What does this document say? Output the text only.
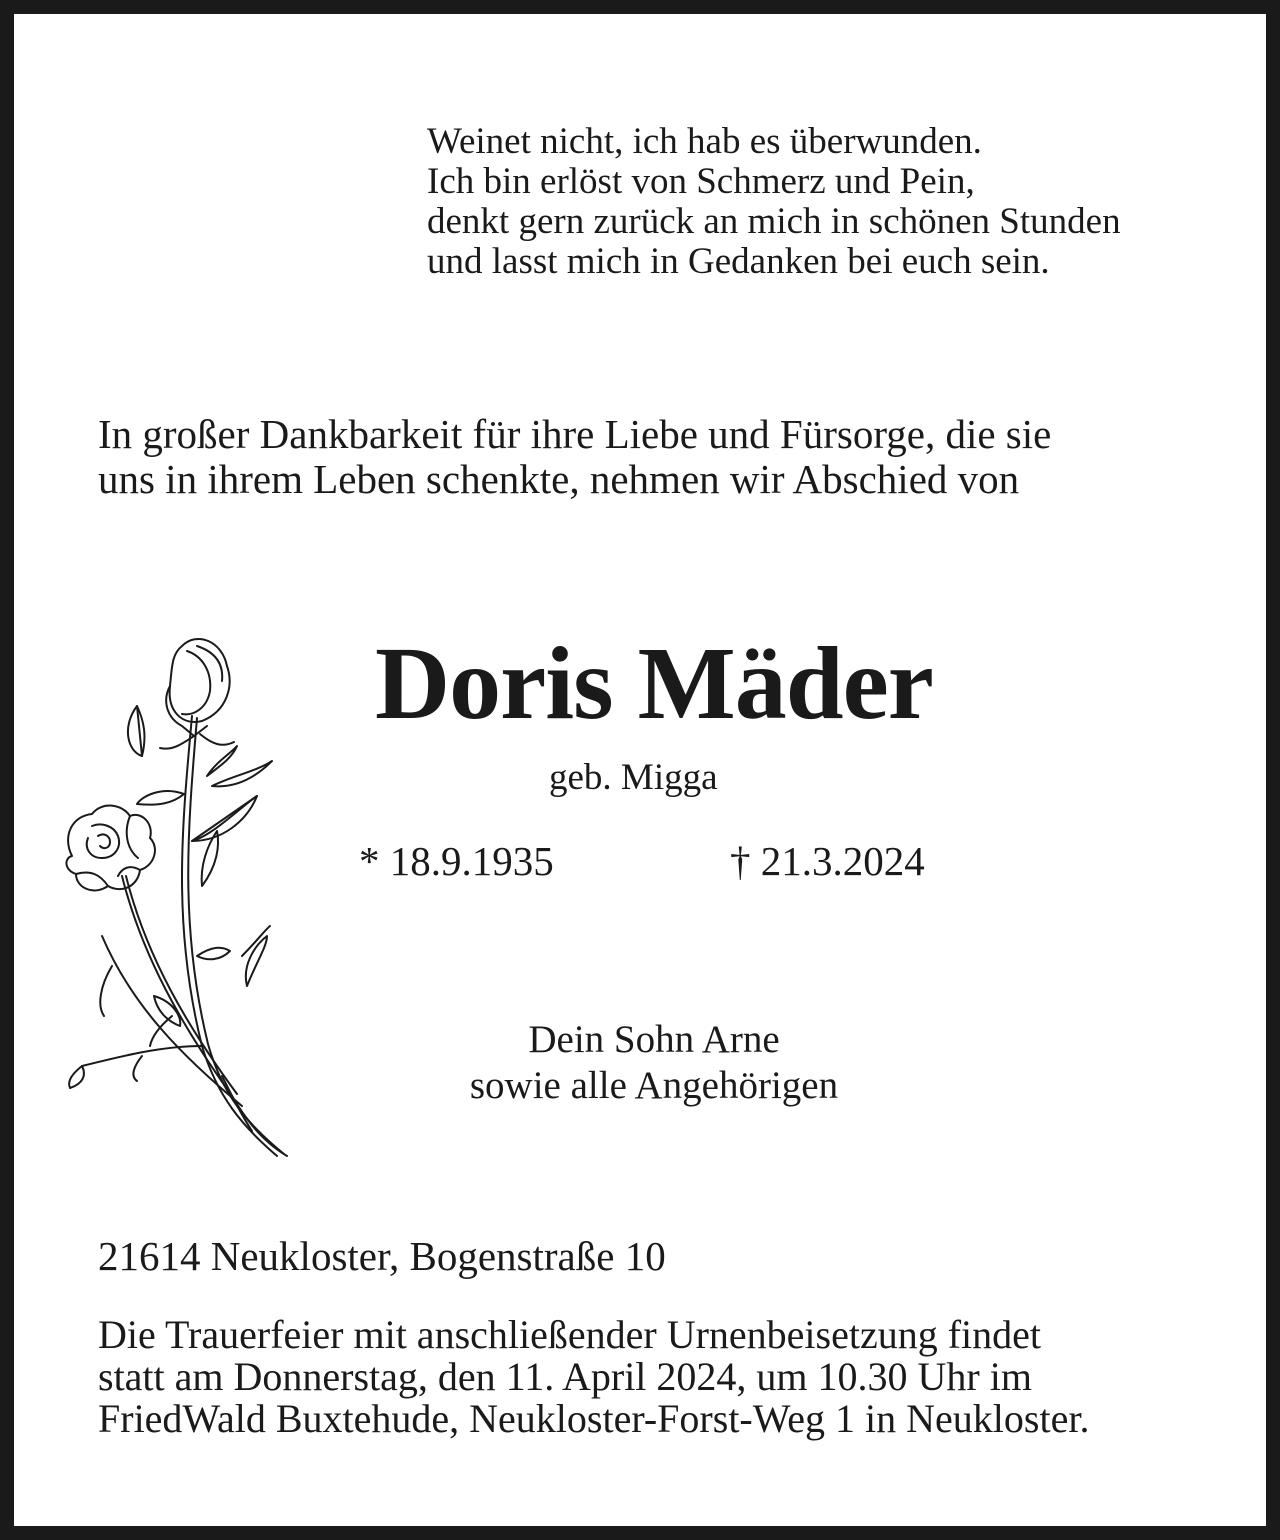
Weinet nicht, ich hab es überwunden.
Ich bin erlöst von Schmerz und Pein,
denkt gern zurück an mich in schönen Stunden
und lasst mich in Gedanken bei euch sein.
In großer Dankbarkeit für ihre Liebe und Fürsorge, die sie
uns in ihrem Leben schenkte, nehmen wir Abschied von
Doris Mäder
geb. Migga
* 18.9.1935	† 21.3.2024
Dein Sohn Arne
sowie alle Angehörigen
21614 Neukloster, Bogenstraße 10
Die Trauerfeier mit anschließender Urnenbeisetzung findet
statt am Donnerstag, den 11. April 2024, um 10.30 Uhr im
FriedWald Buxtehude, Neukloster-Forst-Weg 1 in Neukloster.
